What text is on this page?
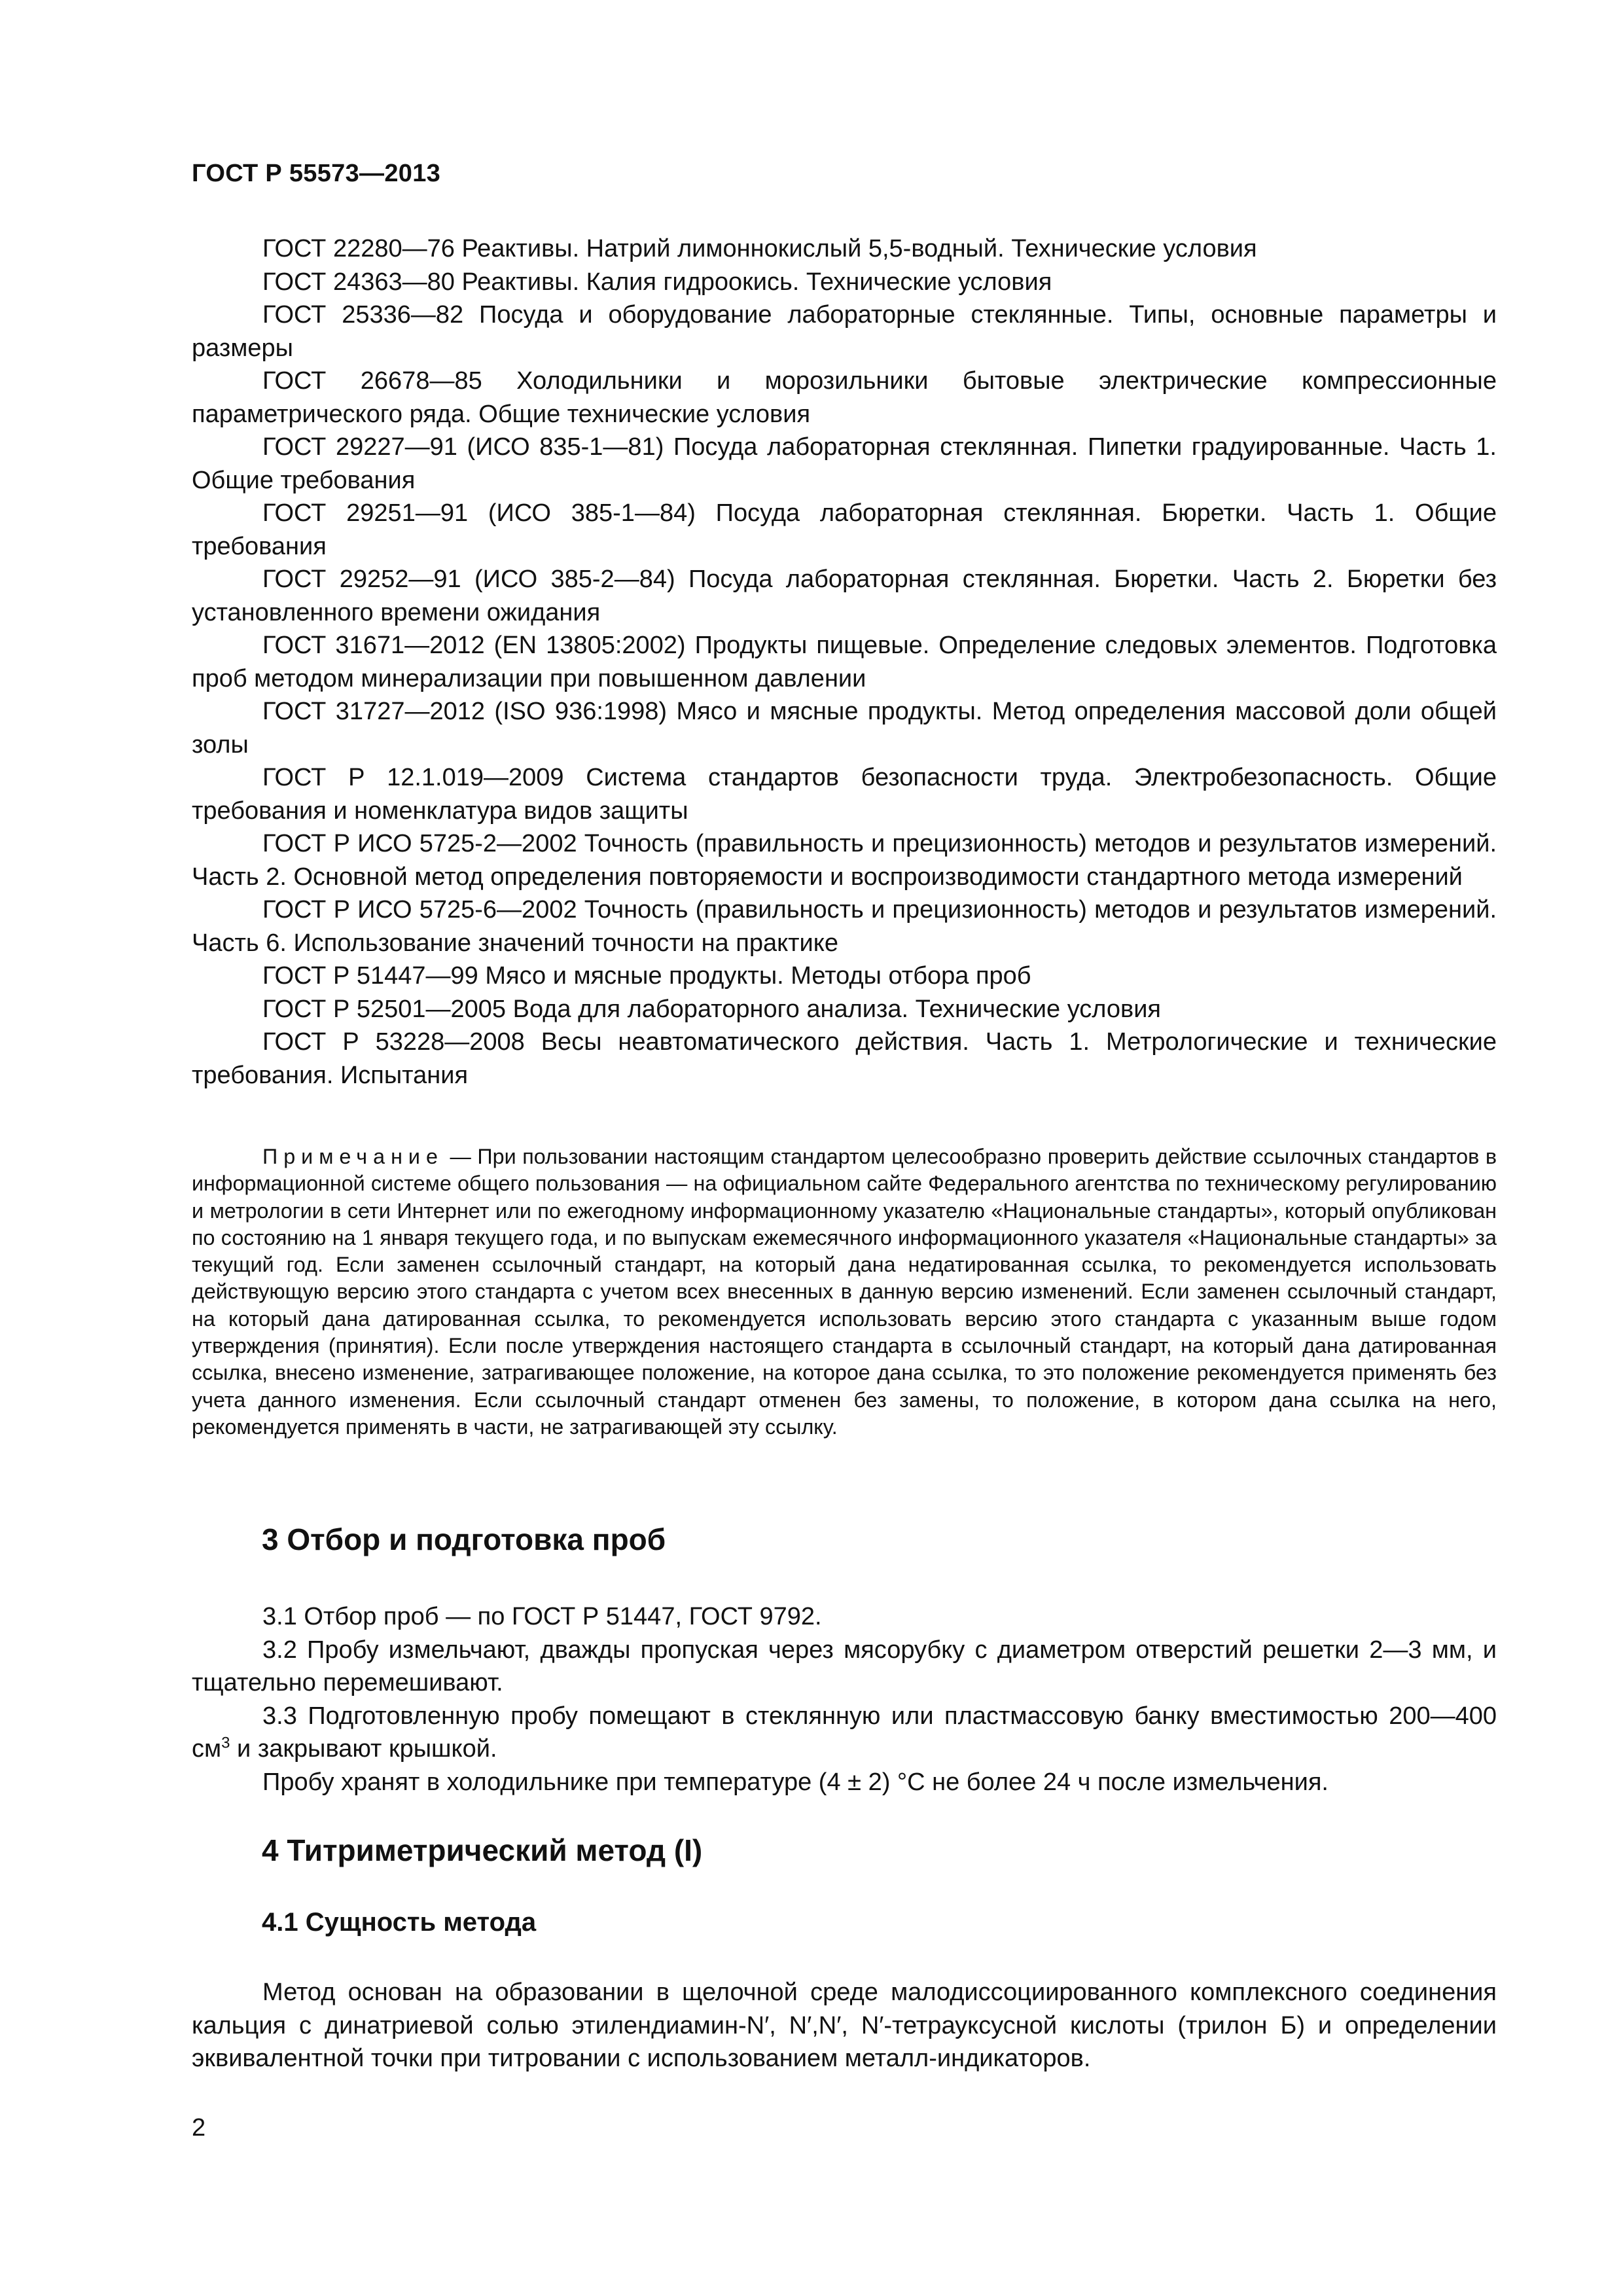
ГОСТ Р 55573—2013

ГОСТ 22280—76 Реактивы. Натрий лимоннокислый 5,5-водный. Технические условия

ГОСТ 24363—80 Реактивы. Калия гидроокись. Технические условия

ГОСТ 25336—82 Посуда и оборудование лабораторные стеклянные. Типы, основные параметры и размеры

ГОСТ 26678—85 Холодильники и морозильники бытовые электрические компрессионные параметрического ряда. Общие технические условия

ГОСТ 29227—91 (ИСО 835-1—81) Посуда лабораторная стеклянная. Пипетки градуированные. Часть 1. Общие требования

ГОСТ 29251—91 (ИСО 385-1—84) Посуда лабораторная стеклянная. Бюретки. Часть 1. Общие требования

ГОСТ 29252—91 (ИСО 385-2—84) Посуда лабораторная стеклянная. Бюретки. Часть 2. Бюретки без установленного времени ожидания

ГОСТ 31671—2012 (EN 13805:2002) Продукты пищевые. Определение следовых элементов. Подготовка проб методом минерализации при повышенном давлении

ГОСТ 31727—2012 (ISO 936:1998) Мясо и мясные продукты. Метод определения массовой доли общей золы

ГОСТ Р 12.1.019—2009 Система стандартов безопасности труда. Электробезопасность. Общие требования и номенклатура видов защиты

ГОСТ Р ИСО 5725-2—2002 Точность (правильность и прецизионность) методов и результатов измерений. Часть 2. Основной метод определения повторяемости и воспроизводимости стандартного метода измерений

ГОСТ Р ИСО 5725-6—2002 Точность (правильность и прецизионность) методов и результатов измерений. Часть 6. Использование значений точности на практике

ГОСТ Р 51447—99 Мясо и мясные продукты. Методы отбора проб

ГОСТ Р 52501—2005 Вода для лабораторного анализа. Технические условия

ГОСТ Р 53228—2008 Весы неавтоматического действия. Часть 1. Метрологические и технические требования. Испытания

Примечание — При пользовании настоящим стандартом целесообразно проверить действие ссылочных стандартов в информационной системе общего пользования — на официальном сайте Федерального агентства по техническому регулированию и метрологии в сети Интернет или по ежегодному информационному указателю «Национальные стандарты», который опубликован по состоянию на 1 января текущего года, и по выпускам ежемесячного информационного указателя «Национальные стандарты» за текущий год. Если заменен ссылочный стандарт, на который дана недатированная ссылка, то рекомендуется использовать действующую версию этого стандарта с учетом всех внесенных в данную версию изменений. Если заменен ссылочный стандарт, на который дана датированная ссылка, то рекомендуется использовать версию этого стандарта с указанным выше годом утверждения (принятия). Если после утверждения настоящего стандарта в ссылочный стандарт, на который дана датированная ссылка, внесено изменение, затрагивающее положение, на которое дана ссылка, то это положение рекомендуется применять без учета данного изменения. Если ссылочный стандарт отменен без замены, то положение, в котором дана ссылка на него, рекомендуется применять в части, не затрагивающей эту ссылку.

3 Отбор и подготовка проб

3.1 Отбор проб — по ГОСТ Р 51447, ГОСТ 9792.

3.2 Пробу измельчают, дважды пропуская через мясорубку с диаметром отверстий решетки 2—3 мм, и тщательно перемешивают.

3.3 Подготовленную пробу помещают в стеклянную или пластмассовую банку вместимостью 200—400 $см^3$ и закрывают крышкой.

Пробу хранят в холодильнике при температуре (4 ± 2) °С не более 24 ч после измельчения.

4 Титриметрический метод (I)
4.1 Сущность метода

Метод основан на образовании в щелочной среде малодиссоциированного комплексного соединения кальция с динатриевой солью этилендиамин-N′, N′,N′, N′-тетрауксусной кислоты (трилон Б) и определении эквивалентной точки при титровании с использованием металл-индикаторов.

2
